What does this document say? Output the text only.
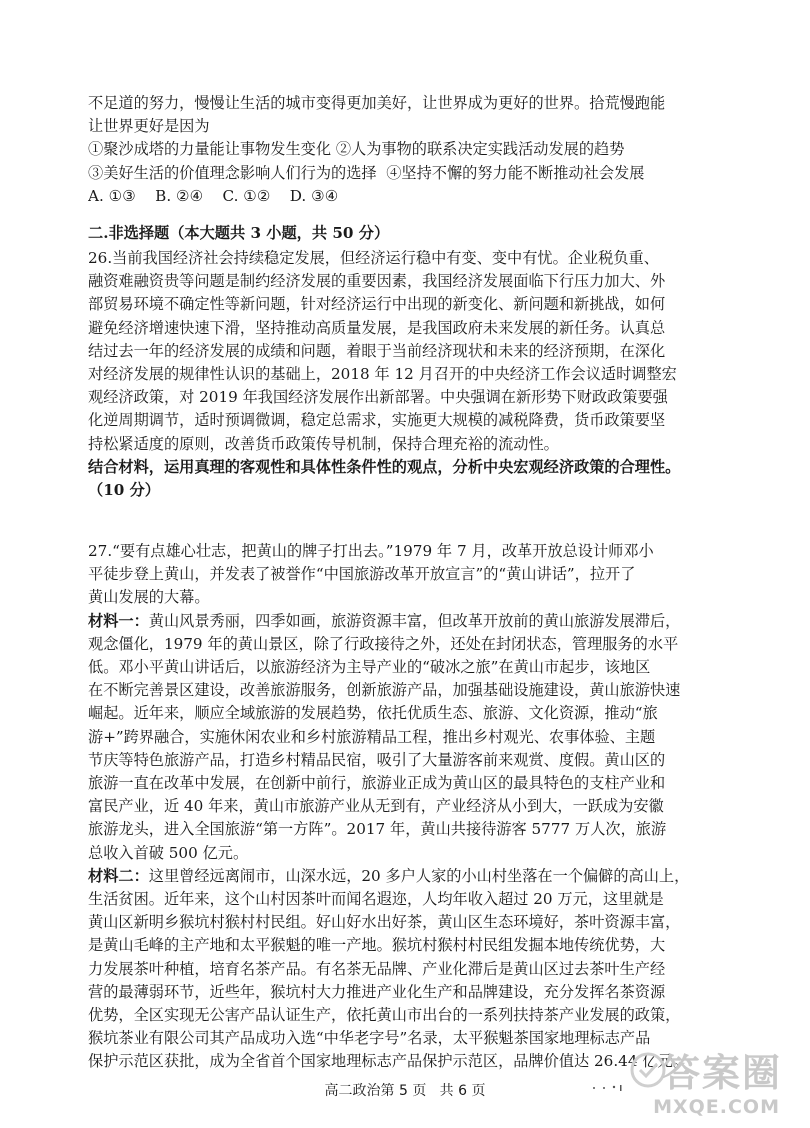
不足道的努力，慢慢让生活的城市变得更加美好，让世界成为更好的世界。拾荒慢跑能
让世界更好是因为
①聚沙成塔的力量能让事物发生变化 ②人为事物的联系决定实践活动发展的趋势
③美好生活的价值理念影响人们行为的选择  ④坚持不懈的努力能不断推动社会发展
A. ①③    B. ②④    C. ①②    D. ③④
二.非选择题（本大题共 3 小题，共 50 分）
26.当前我国经济社会持续稳定发展，但经济运行稳中有变、变中有忧。企业税负重、
融资难融资贵等问题是制约经济发展的重要因素，我国经济发展面临下行压力加大、外
部贸易环境不确定性等新问题，针对经济运行中出现的新变化、新问题和新挑战，如何
避免经济增速快速下滑，坚持推动高质量发展，是我国政府未来发展的新任务。认真总
结过去一年的经济发展的成绩和问题，着眼于当前经济现状和未来的经济预期，在深化
对经济发展的规律性认识的基础上，2018 年 12 月召开的中央经济工作会议适时调整宏
观经济政策，对 2019 年我国经济发展作出新部署。中央强调在新形势下财政政策要强
化逆周期调节，适时预调微调，稳定总需求，实施更大规模的减税降费，货币政策要坚
持松紧适度的原则，改善货币政策传导机制，保持合理充裕的流动性。
结合材料，运用真理的客观性和具体性条件性的观点，分析中央宏观经济政策的合理性。
（10 分）
27.“要有点雄心壮志，把黄山的牌子打出去。”1979 年 7 月，改革开放总设计师邓小
平徒步登上黄山，并发表了被誉作“中国旅游改革开放宣言”的“黄山讲话”，拉开了
黄山发展的大幕。
材料一：黄山风景秀丽，四季如画，旅游资源丰富，但改革开放前的黄山旅游发展滞后，
观念僵化，1979 年的黄山景区，除了行政接待之外，还处在封闭状态，管理服务的水平
低。邓小平黄山讲话后，以旅游经济为主导产业的“破冰之旅”在黄山市起步，该地区
在不断完善景区建设，改善旅游服务，创新旅游产品，加强基础设施建设，黄山旅游快速
崛起。近年来，顺应全域旅游的发展趋势，依托优质生态、旅游、文化资源，推动“旅
游+”跨界融合，实施休闲农业和乡村旅游精品工程，推出乡村观光、农事体验、主题
节庆等特色旅游产品，打造乡村精品民宿，吸引了大量游客前来观赏、度假。黄山区的
旅游一直在改革中发展，在创新中前行，旅游业正成为黄山区的最具特色的支柱产业和
富民产业，近 40 年来，黄山市旅游产业从无到有，产业经济从小到大，一跃成为安徽
旅游龙头，进入全国旅游“第一方阵”。2017 年，黄山共接待游客 5777 万人次，旅游
总收入首破 500 亿元。
材料二：这里曾经远离闹市，山深水远，20 多户人家的小山村坐落在一个偏僻的高山上，
生活贫困。近年来，这个山村因茶叶而闻名遐迩，人均年收入超过 20 万元，这里就是
黄山区新明乡猴坑村猴村村民组。好山好水出好茶，黄山区生态环境好，茶叶资源丰富，
是黄山毛峰的主产地和太平猴魁的唯一产地。猴坑村猴村村民组发掘本地传统优势，大
力发展茶叶种植，培育名茶产品。有名茶无品牌、产业化滞后是黄山区过去茶叶生产经
营的最薄弱环节，近些年，猴坑村大力推进产业化生产和品牌建设，充分发挥名茶资源
优势，全区实现无公害产品认证生产，依托黄山市出台的一系列扶持茶产业发展的政策，
猴坑茶业有限公司其产品成功入选“中华老字号”名录，太平猴魁茶国家地理标志产品
保护示范区获批，成为全省首个国家地理标志产品保护示范区，品牌价值达 26.44 亿元。
高二政治第 5 页   共 6 页	答案圈
MXQE.COM
